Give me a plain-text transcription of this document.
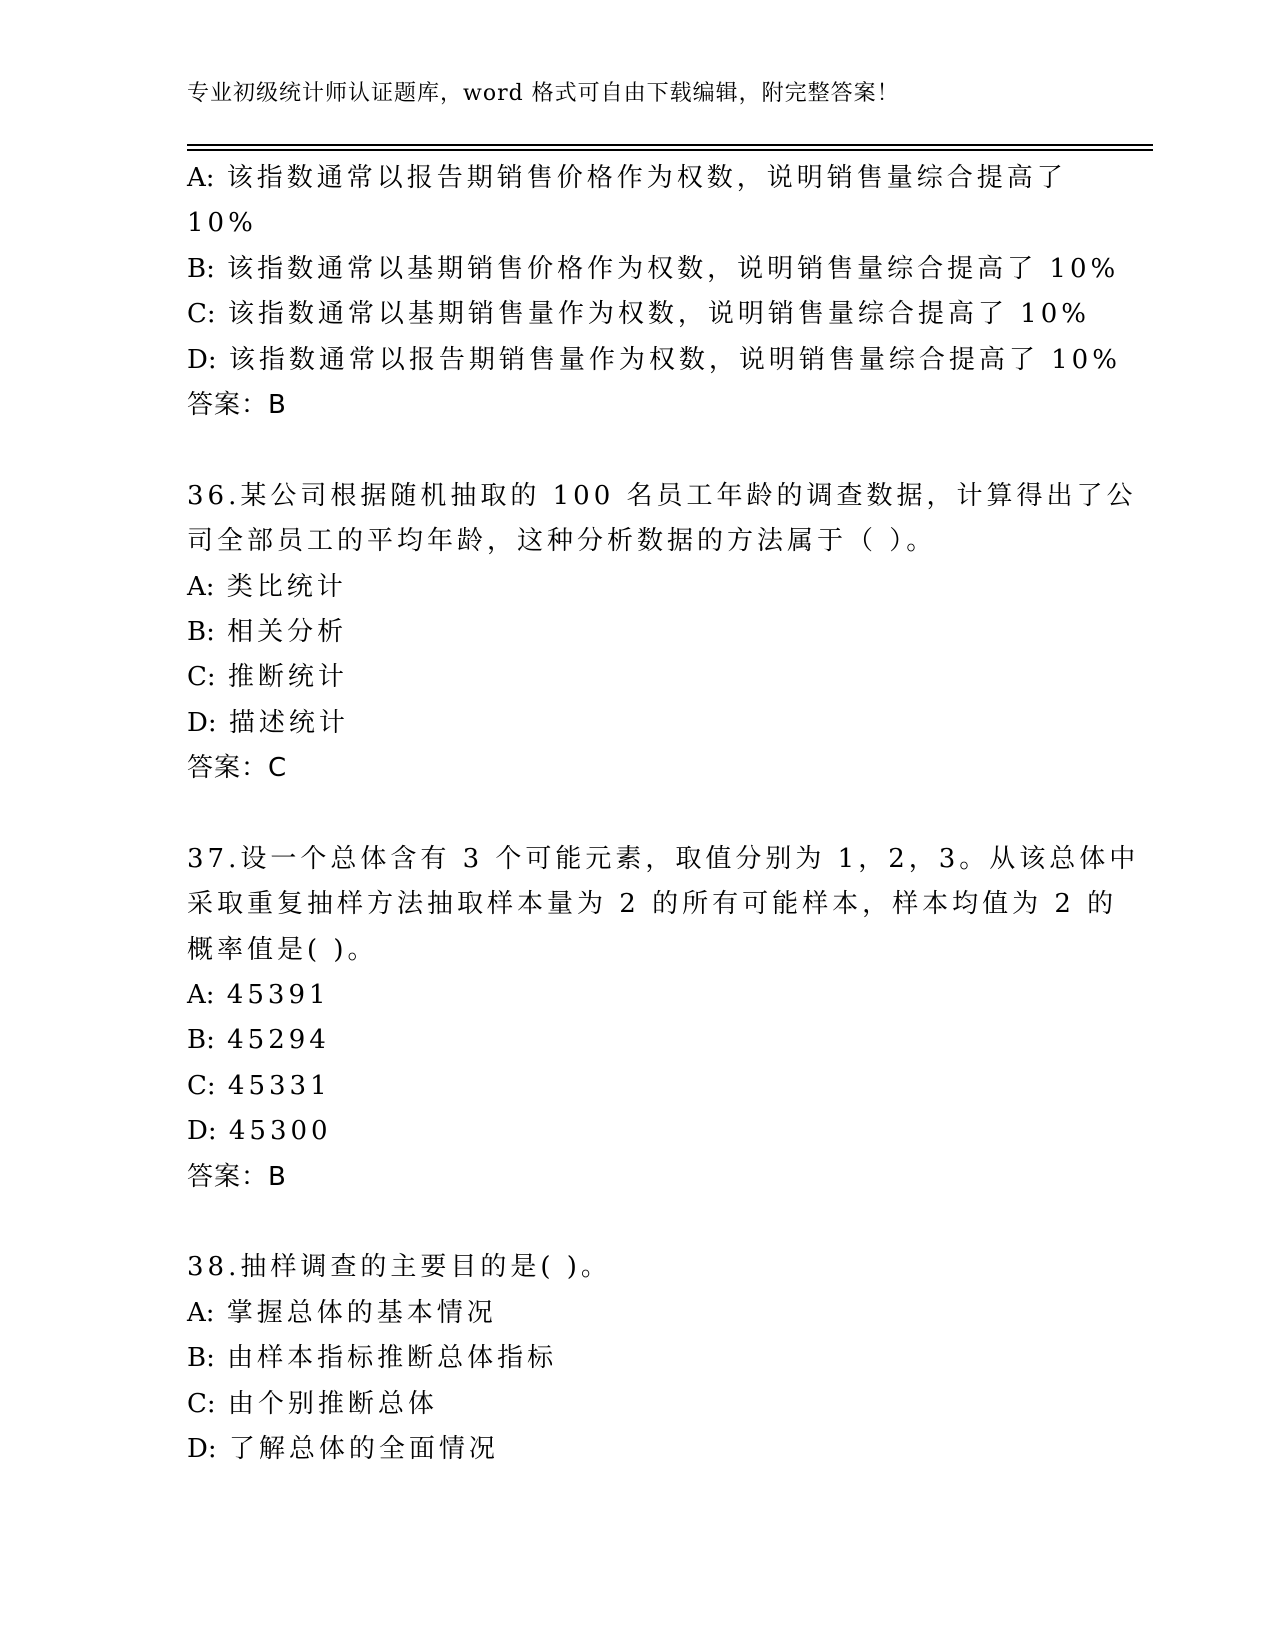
专业初级统计师认证题库，word 格式可自由下载编辑，附完整答案！
A: 该指数通常以报告期销售价格作为权数，说明销售量综合提高了
10%
B: 该指数通常以基期销售价格作为权数，说明销售量综合提高了 10%
C: 该指数通常以基期销售量作为权数，说明销售量综合提高了 10%
D: 该指数通常以报告期销售量作为权数，说明销售量综合提高了 10%
答案：B
36.某公司根据随机抽取的 100 名员工年龄的调查数据，计算得出了公
司全部员工的平均年龄，这种分析数据的方法属于（ ）。
A: 类比统计
B: 相关分析
C: 推断统计
D: 描述统计
答案：C
37.设一个总体含有 3 个可能元素，取值分别为 1，2，3。从该总体中
采取重复抽样方法抽取样本量为 2 的所有可能样本，样本均值为 2 的
概率值是( )。
A: 45391
B: 45294
C: 45331
D: 45300
答案：B
38.抽样调查的主要目的是( )。
A: 掌握总体的基本情况
B: 由样本指标推断总体指标
C: 由个别推断总体
D: 了解总体的全面情况
